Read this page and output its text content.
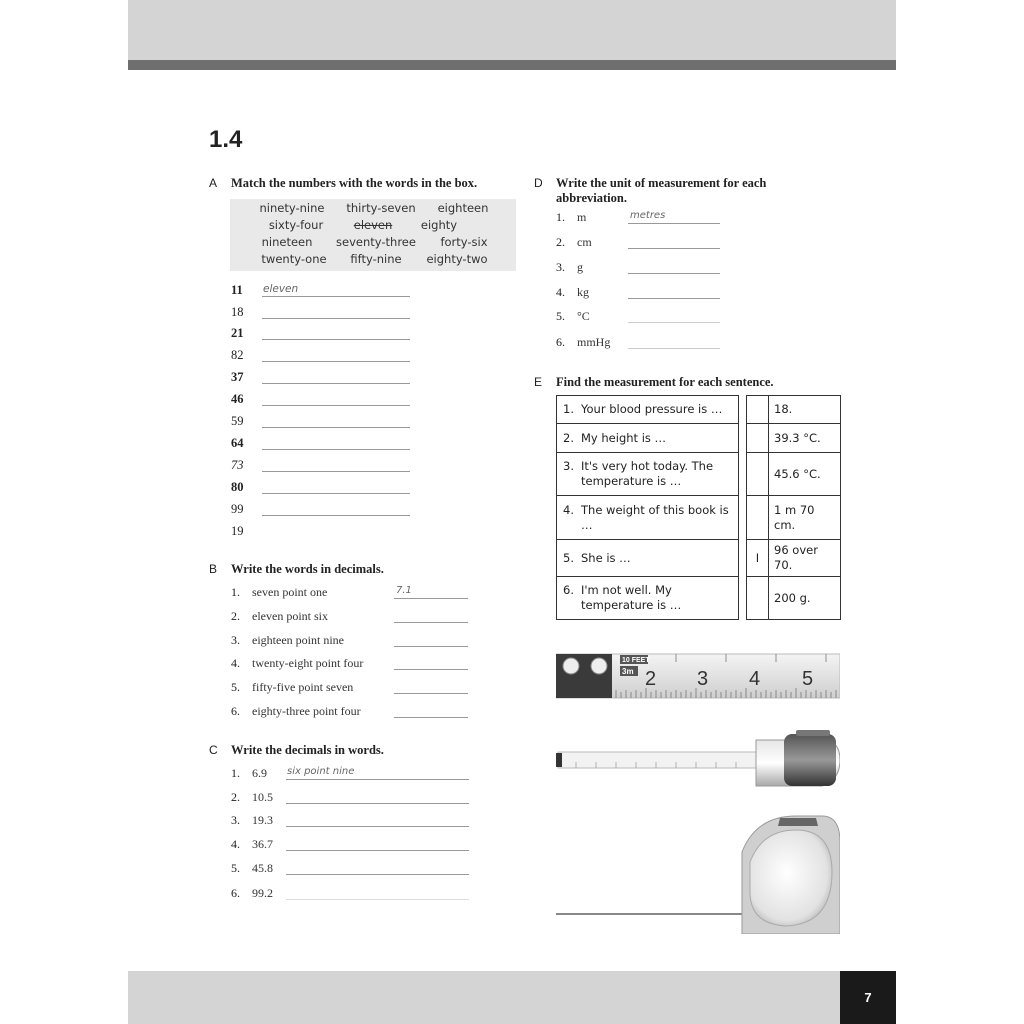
7
1.4
A Match the numbers with the words in the box.
ninety-nine thirty-seven eighteen
sixty-four	eleven eighty
nineteen seventy-three forty-six
twenty-one fifty-nine eighty-two
11 eleven
18
21
82
37
46
59
64
73
80
99
19
B Write the words in decimals.
1. seven point one	7.1
2. eleven point six
3. eighteen point nine
4. twenty-eight point four
5. fifty-five point seven
6. eighty-three point four
C Write the decimals in words.
1. 6.9 six point nine
2. 10.5
3. 19.3
4. 36.7
5. 45.8
6. 99.2
D Write the unit of measurement for each
abbreviation.
1. m	metres
2. cm
3. g
4. kg
5. °C
6. mmHg
E Find the measurement for each sentence.
1. Your blood pressure is …			18.

2. My height is …			39.3 °C.

3. It's very hot today. The temperature is …			45.6 °C.

4. The weight of this book is …			1 m 70 cm.

5. She is …		I	96 over 70.

6. I'm not well. My temperature is …			200 g.
10 FEET
3m 2 3 4 5
